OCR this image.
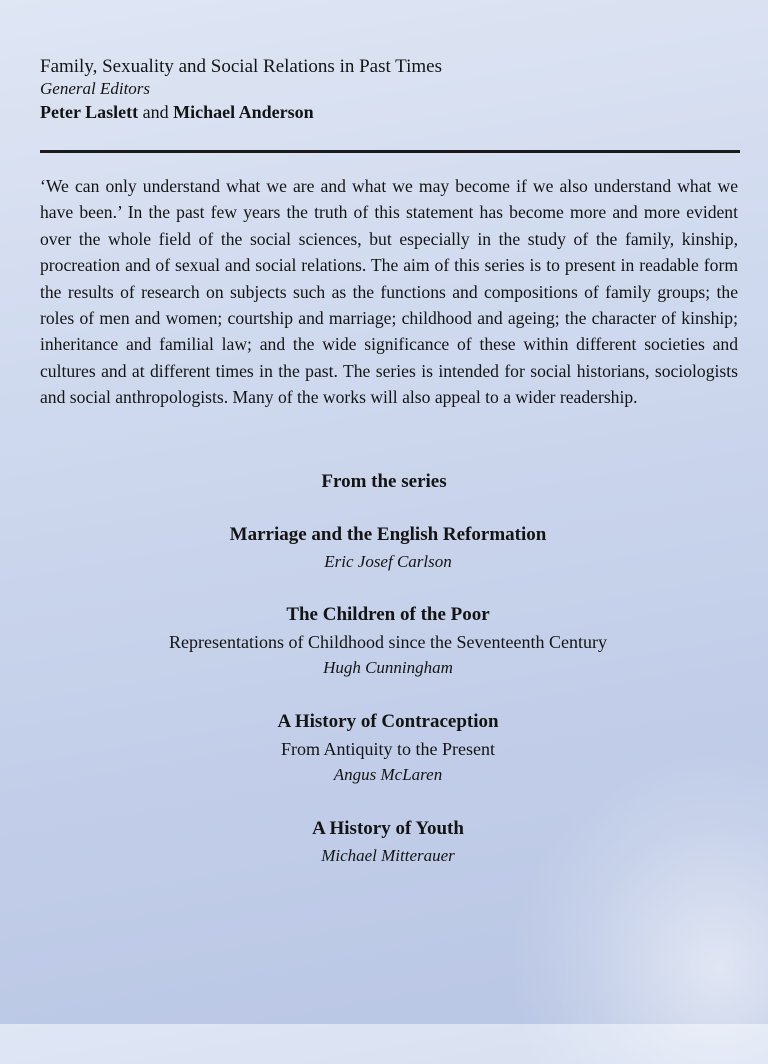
Family, Sexuality and Social Relations in Past Times

General Editors

Peter Laslett and Michael Anderson

‘We can only understand what we are and what we may become if we also understand what we have been.’ In the past few years the truth of this statement has become more and more evident over the whole field of the social sciences, but especially in the study of the family, kinship, procreation and of sexual and social relations. The aim of this series is to present in readable form the results of research on subjects such as the functions and compositions of family groups; the roles of men and women; courtship and marriage; childhood and ageing; the character of kinship; inheritance and familial law; and the wide significance of these within different societies and cultures and at different times in the past. The series is intended for social historians, sociologists and social anthropologists. Many of the works will also appeal to a wider readership.

From the series
Marriage and the English Reformation
Eric Josef Carlson
The Children of the Poor
Representations of Childhood since the Seventeenth Century
Hugh Cunningham
A History of Contraception
From Antiquity to the Present
Angus McLaren
A History of Youth
Michael Mitterauer
